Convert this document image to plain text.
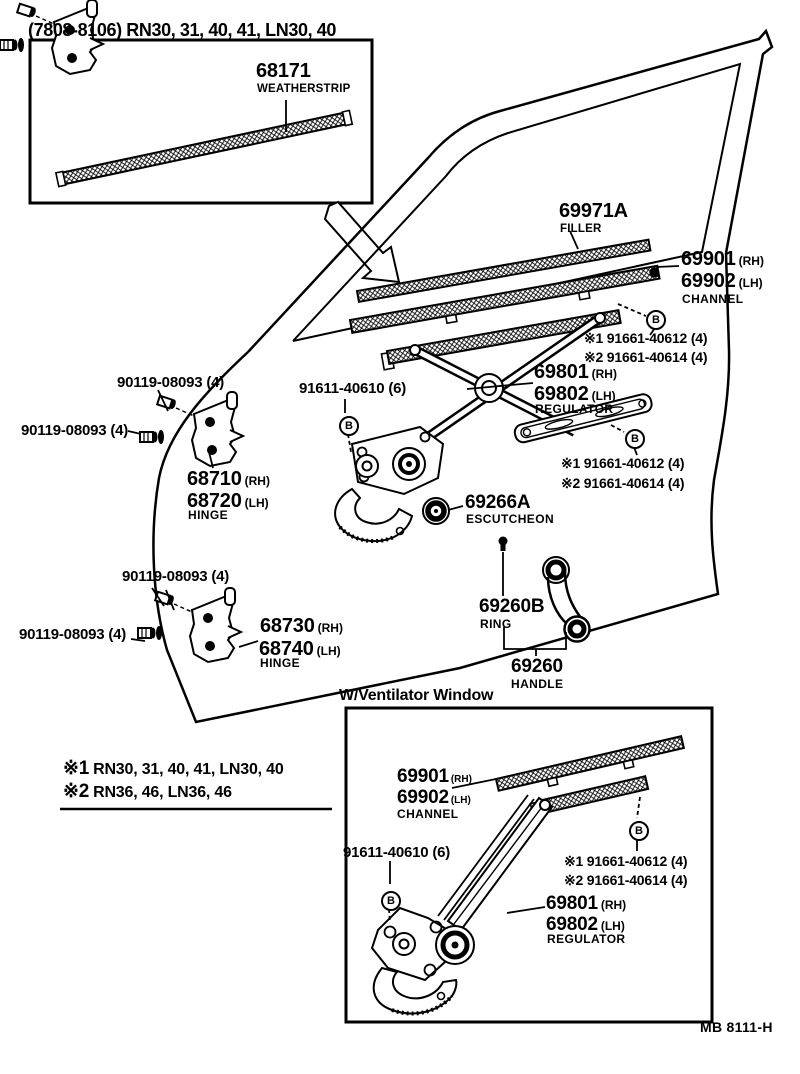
(7808-8106) RN30, 31, 40, 41, LN30, 40
68171
WEATHERSTRIP
69971A
FILLER
69901 (RH)
69902 (LH)
CHANNEL
※1 91661-40612 (4)
※2 91661-40614 (4)
69801 (RH)
69802 (LH)
REGULATOR
91611-40610 (6)
90119-08093 (4)
90119-08093 (4)
68710 (RH)
68720 (LH)
HINGE
※1 91661-40612 (4)
※2 91661-40614 (4)
69266A
ESCUTCHEON
90119-08093 (4)
90119-08093 (4)	68730 (RH)
68740 (LH)
HINGE
69260B
RING
69260
HANDLE
※1 RN30, 31, 40, 41, LN30, 40
※2 RN36, 46, LN36, 46
W/Ventilator Window
69901 (RH)
69902 (LH)
CHANNEL
91611-40610 (6)	※1 91661-40612 (4)
※2 91661-40614 (4)
69801 (RH)
69802 (LH)
REGULATOR
MB 8111-H
B
B
B
B
B
